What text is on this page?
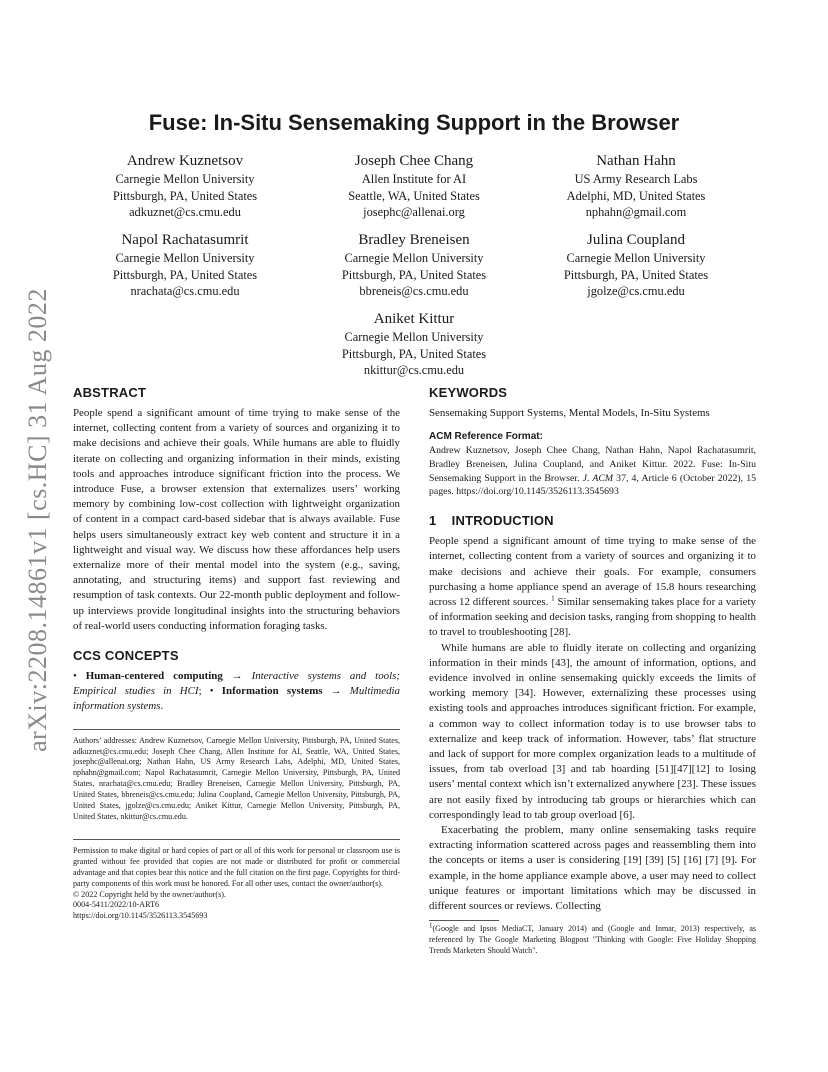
arXiv:2208.14861v1 [cs.HC] 31 Aug 2022
Fuse: In-Situ Sensemaking Support in the Browser
Andrew Kuznetsov
Carnegie Mellon University
Pittsburgh, PA, United States
adkuznet@cs.cmu.edu
Joseph Chee Chang
Allen Institute for AI
Seattle, WA, United States
josephc@allenai.org
Nathan Hahn
US Army Research Labs
Adelphi, MD, United States
nphahn@gmail.com
Napol Rachatasumrit
Carnegie Mellon University
Pittsburgh, PA, United States
nrachata@cs.cmu.edu
Bradley Breneisen
Carnegie Mellon University
Pittsburgh, PA, United States
bbreneis@cs.cmu.edu
Julina Coupland
Carnegie Mellon University
Pittsburgh, PA, United States
jgolze@cs.cmu.edu
Aniket Kittur
Carnegie Mellon University
Pittsburgh, PA, United States
nkittur@cs.cmu.edu
ABSTRACT

People spend a significant amount of time trying to make sense of the internet, collecting content from a variety of sources and organizing it to make decisions and achieve their goals. While humans are able to fluidly iterate on collecting and organizing information in their minds, existing tools and approaches introduce significant friction into the process. We introduce Fuse, a browser extension that externalizes users’ working memory by combining low-cost collection with lightweight organization of content in a compact card-based sidebar that is always available. Fuse helps users simultaneously extract key web content and structure it in a lightweight and visual way. We discuss how these affordances help users externalize more of their mental model into the system (e.g., saving, annotating, and structuring items) and support fast reviewing and resumption of task contexts. Our 22-month public deployment and follow-up interviews provide longitudinal insights into the structuring behaviors of real-world users conducting information foraging tasks.

CCS CONCEPTS

• Human-centered computing → Interactive systems and tools; Empirical studies in HCI; • Information systems → Multimedia information systems.

Authors’ addresses: Andrew Kuznetsov, Carnegie Mellon University, Pittsburgh, PA, United States, adkuznet@cs.cmu.edu; Joseph Chee Chang, Allen Institute for AI, Seattle, WA, United States, josephc@allenai.org; Nathan Hahn, US Army Research Labs, Adelphi, MD, United States, nphahn@gmail.com; Napol Rachatasumrit, Carnegie Mellon University, Pittsburgh, PA, United States, nrachata@cs.cmu.edu; Bradley Breneisen, Carnegie Mellon University, Pittsburgh, PA, United States, bbreneis@cs.cmu.edu; Julina Coupland, Carnegie Mellon University, Pittsburgh, PA, United States, jgolze@cs.cmu.edu; Aniket Kittur, Carnegie Mellon University, Pittsburgh, PA, United States, nkittur@cs.cmu.edu.

Permission to make digital or hard copies of part or all of this work for personal or classroom use is granted without fee provided that copies are not made or distributed for profit or commercial advantage and that copies bear this notice and the full citation on the first page. Copyrights for third-party components of this work must be honored. For all other uses, contact the owner/author(s).

© 2022 Copyright held by the owner/author(s).

0004-5411/2022/10-ART6

https://doi.org/10.1145/3526113.3545693

KEYWORDS

Sensemaking Support Systems, Mental Models, In-Situ Systems

ACM Reference Format:

Andrew Kuznetsov, Joseph Chee Chang, Nathan Hahn, Napol Rachatasumrit, Bradley Breneisen, Julina Coupland, and Aniket Kittur. 2022. Fuse: In-Situ Sensemaking Support in the Browser. J. ACM 37, 4, Article 6 (October 2022), 15 pages. https://doi.org/10.1145/3526113.3545693

1    INTRODUCTION

People spend a significant amount of time trying to make sense of the internet, collecting content from a variety of sources and organizing it to make decisions and achieve their goals. For example, consumers purchasing a home appliance spend an average of 15.8 hours researching across 12 different sources. $^1$ Similar sensemaking takes place for a variety of information seeking and decision tasks, ranging from shopping to health to travel to troubleshooting [28].

While humans are able to fluidly iterate on collecting and organizing information in their minds [43], the amount of information, options, and evidence involved in online sensemaking quickly exceeds the limits of working memory [34]. However, externalizing these processes using existing tools and approaches introduces significant friction. For example, a common way to collect information today is to use browser tabs to externalize and keep track of information. However, tabs’ flat structure and lack of support for more complex organization leads to a multitude of issues, from tab overload [3] and tab hoarding [51][47][12] to losing users’ mental context which isn’t externalized anywhere [23]. These issues are not easily fixed by introducing tab groups or hierarchies which can correspondingly lead to tab group overload [6].

Exacerbating the problem, many online sensemaking tasks require extracting information scattered across pages and reassembling them into the concepts or items a user is considering [19] [39] [5] [16] [7] [9]. For example, in the home appliance example above, a user may need to collect unique features or important limitations which may be discussed in different sources or reviews. Collecting

$^1$(Google and Ipsos MediaCT, January 2014) and (Google and Inmar, 2013) respectively, as referenced by The Google Marketing Blogpost "Thinking with Google: Five Holiday Shopping Trends Marketers Should Watch".
